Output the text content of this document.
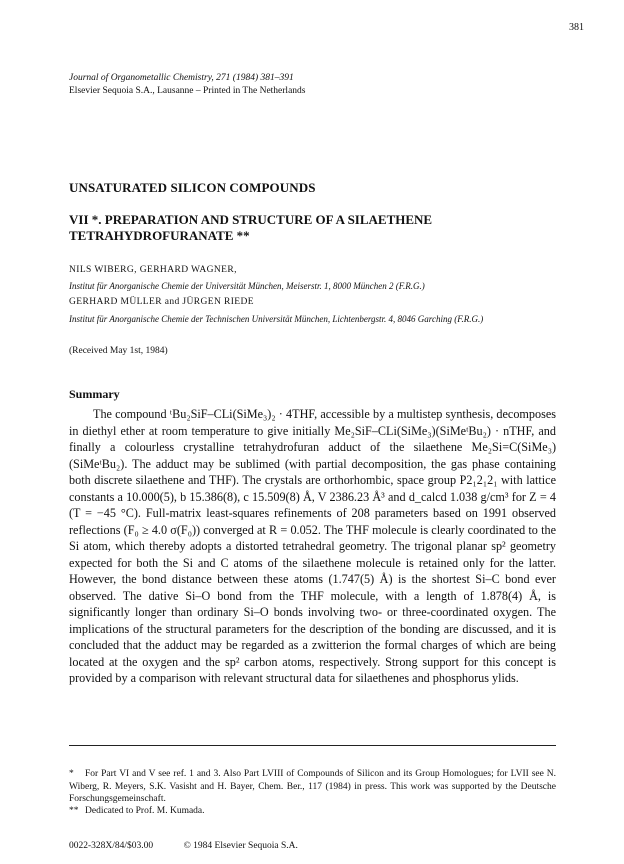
381
Journal of Organometallic Chemistry, 271 (1984) 381–391
Elsevier Sequoia S.A., Lausanne – Printed in The Netherlands
UNSATURATED SILICON COMPOUNDS
VII *. PREPARATION AND STRUCTURE OF A SILAETHENE TETRAHYDROFURANATE **
NILS WIBERG, GERHARD WAGNER,
Institut für Anorganische Chemie der Universität München, Meiserstr. 1, 8000 München 2 (F.R.G.)
GERHARD MÜLLER and JÜRGEN RIEDE
Institut für Anorganische Chemie der Technischen Universität München, Lichtenbergstr. 4, 8046 Garching (F.R.G.)
(Received May 1st, 1984)
Summary

The compound ᵗBu₂SiF–CLi(SiMe₃)₂ · 4THF, accessible by a multistep synthesis, decomposes in diethyl ether at room temperature to give initially Me₂SiF–CLi(SiMe₃)(SiMeᵗBu₂) · nTHF, and finally a colourless crystalline tetrahydrofuran adduct of the silaethene Me₂Si=C(SiMe₃)(SiMeᵗBu₂). The adduct may be sublimed (with partial decomposition, the gas phase containing both discrete silaethene and THF). The crystals are orthorhombic, space group P2₁2₁2₁ with lattice constants a 10.000(5), b 15.386(8), c 15.509(8) Å, V 2386.23 Å³ and d_calcd 1.038 g/cm³ for Z = 4 (T = −45 °C). Full-matrix least-squares refinements of 208 parameters based on 1991 observed reflections (F₀ ≥ 4.0 σ(F₀)) converged at R = 0.052. The THF molecule is clearly coordinated to the Si atom, which thereby adopts a distorted tetrahedral geometry. The trigonal planar sp² geometry expected for both the Si and C atoms of the silaethene molecule is retained only for the latter. However, the bond distance between these atoms (1.747(5) Å) is the shortest Si–C bond ever observed. The dative Si–O bond from the THF molecule, with a length of 1.878(4) Å, is significantly longer than ordinary Si–O bonds involving two- or three-coordinated oxygen. The implications of the structural parameters for the description of the bonding are discussed, and it is concluded that the adduct may be regarded as a zwitterion the formal charges of which are being located at the oxygen and the sp² carbon atoms, respectively. Strong support for this concept is provided by a comparison with relevant structural data for silaethenes and phosphorus ylids.

* For Part VI and V see ref. 1 and 3. Also Part LVIII of Compounds of Silicon and its Group Homologues; for LVII see N. Wiberg, R. Meyers, S.K. Vasisht and H. Bayer, Chem. Ber., 117 (1984) in press. This work was supported by the Deutsche Forschungsgemeinschaft.
** Dedicated to Prof. M. Kumada.
0022-328X/84/$03.00	© 1984 Elsevier Sequoia S.A.
